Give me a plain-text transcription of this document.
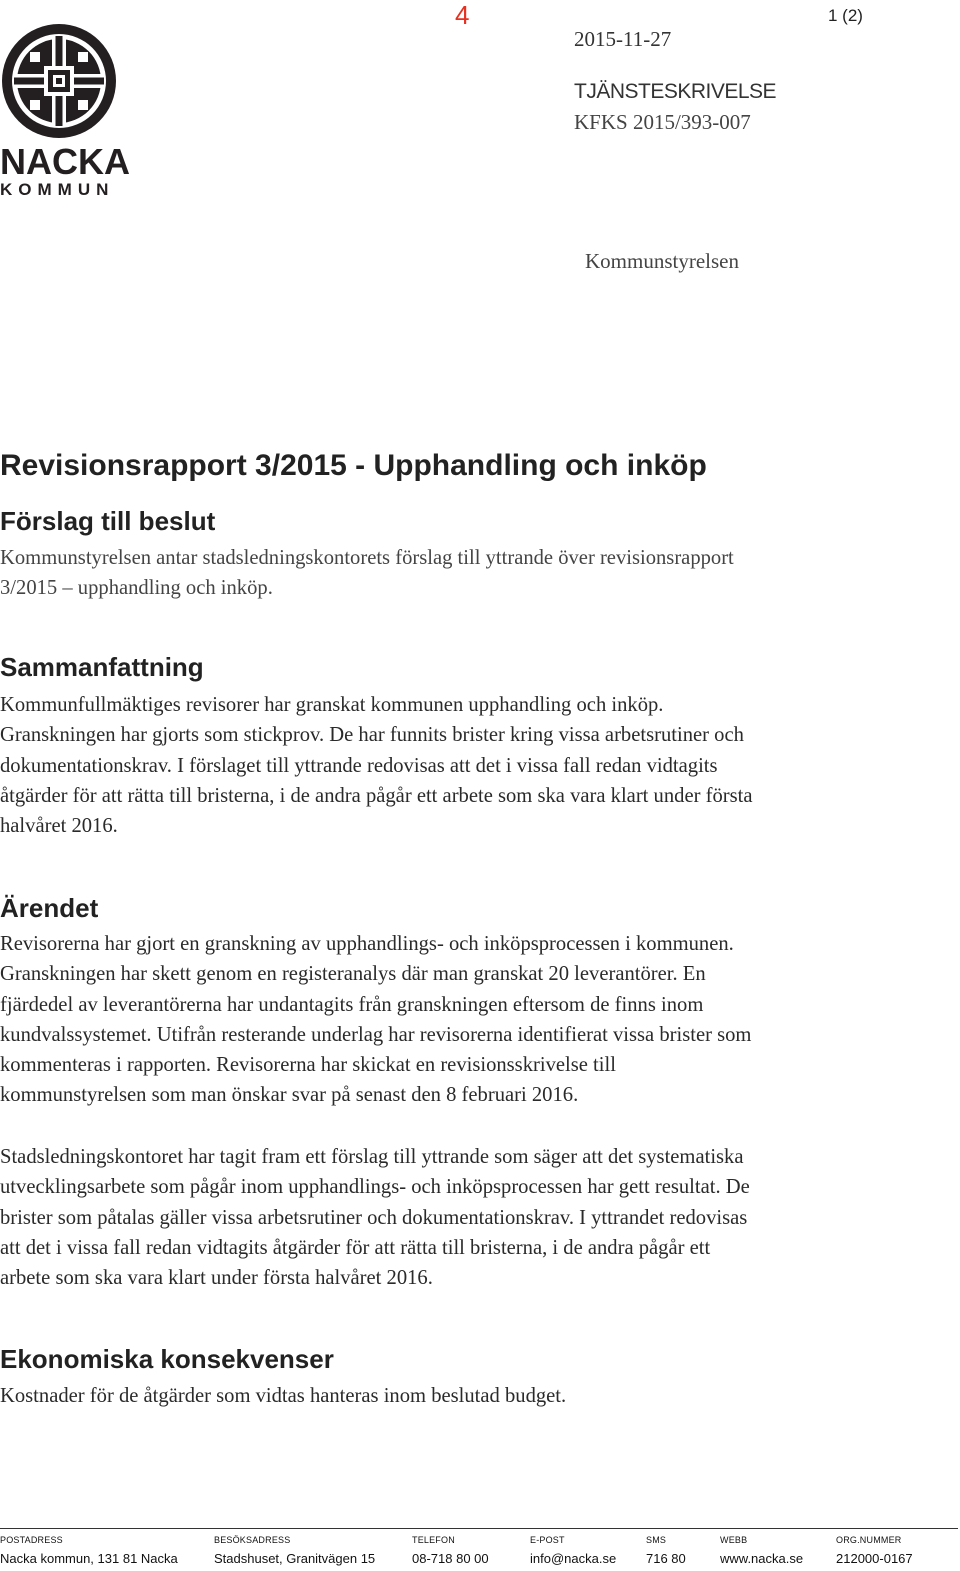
NACKA
KOMMUN
4	1 (2)
2015-11-27
TJÄNSTESKRIVELSE
KFKS 2015/393-007
Kommunstyrelsen
Revisionsrapport 3/2015 - Upphandling och inköp
Förslag till beslut

Kommunstyrelsen antar stadsledningskontorets förslag till yttrande över revisionsrapport
3/2015 – upphandling och inköp.

Sammanfattning

Kommunfullmäktiges revisorer har granskat kommunen upphandling och inköp.
Granskningen har gjorts som stickprov. De har funnits brister kring vissa arbetsrutiner och
dokumentationskrav. I förslaget till yttrande redovisas att det i vissa fall redan vidtagits
åtgärder för att rätta till bristerna, i de andra pågår ett arbete som ska vara klart under första
halvåret 2016.

Ärendet

Revisorerna har gjort en granskning av upphandlings- och inköpsprocessen i kommunen.
Granskningen har skett genom en registeranalys där man granskat 20 leverantörer. En
fjärdedel av leverantörerna har undantagits från granskningen eftersom de finns inom
kundvalssystemet. Utifrån resterande underlag har revisorerna identifierat vissa brister som
kommenteras i rapporten. Revisorerna har skickat en revisionsskrivelse till
kommunstyrelsen som man önskar svar på senast den 8 februari 2016.

Stadsledningskontoret har tagit fram ett förslag till yttrande som säger att det systematiska
utvecklingsarbete som pågår inom upphandlings- och inköpsprocessen har gett resultat. De
brister som påtalas gäller vissa arbetsrutiner och dokumentationskrav. I yttrandet redovisas
att det i vissa fall redan vidtagits åtgärder för att rätta till bristerna, i de andra pågår ett
arbete som ska vara klart under första halvåret 2016.

Ekonomiska konsekvenser

Kostnader för de åtgärder som vidtas hanteras inom beslutad budget.

POSTADRESS
Nacka kommun, 131 81 Nacka
BESÖKSADRESS
Stadshuset, Granitvägen 15
TELEFON
08-718 80 00
E-POST
info@nacka.se
SMS
716 80
WEBB
www.nacka.se
ORG.NUMMER
212000-0167
